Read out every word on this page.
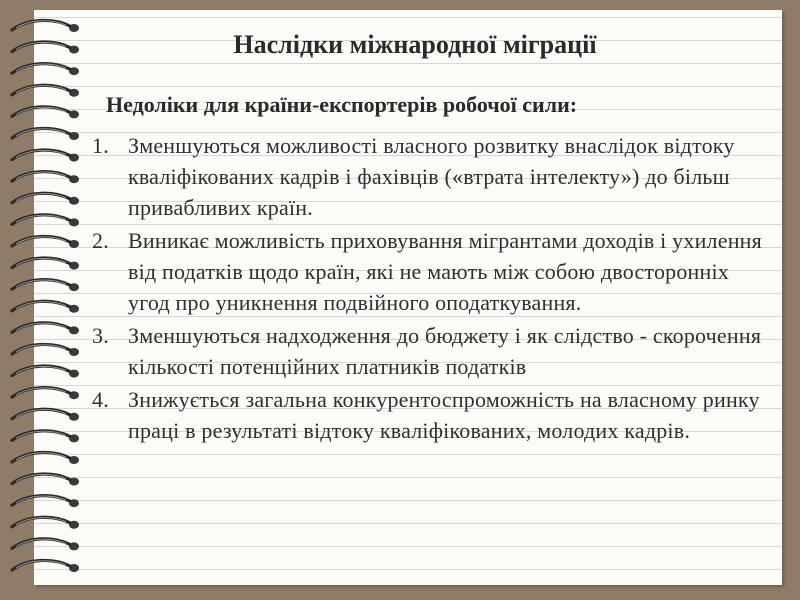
Наслідки міжнародної міграції
Недоліки для країни-експортерів робочої сили:
1. Зменшуються можливості власного розвитку внаслідок відтоку кваліфікованих кадрів і фахівців («втрата інтелекту») до більш привабливих країн.
2. Виникає можливість приховування мігрантами доходів і ухилення від податків щодо країн, які не мають між собою двосторонніх угод про уникнення подвійного оподаткування.
3. Зменшуються надходження до бюджету і як слідство - скорочення кількості потенційних платників податків
4. Знижується загальна конкурентоспроможність на власному ринку праці в результаті відтоку кваліфікованих, молодих кадрів.
